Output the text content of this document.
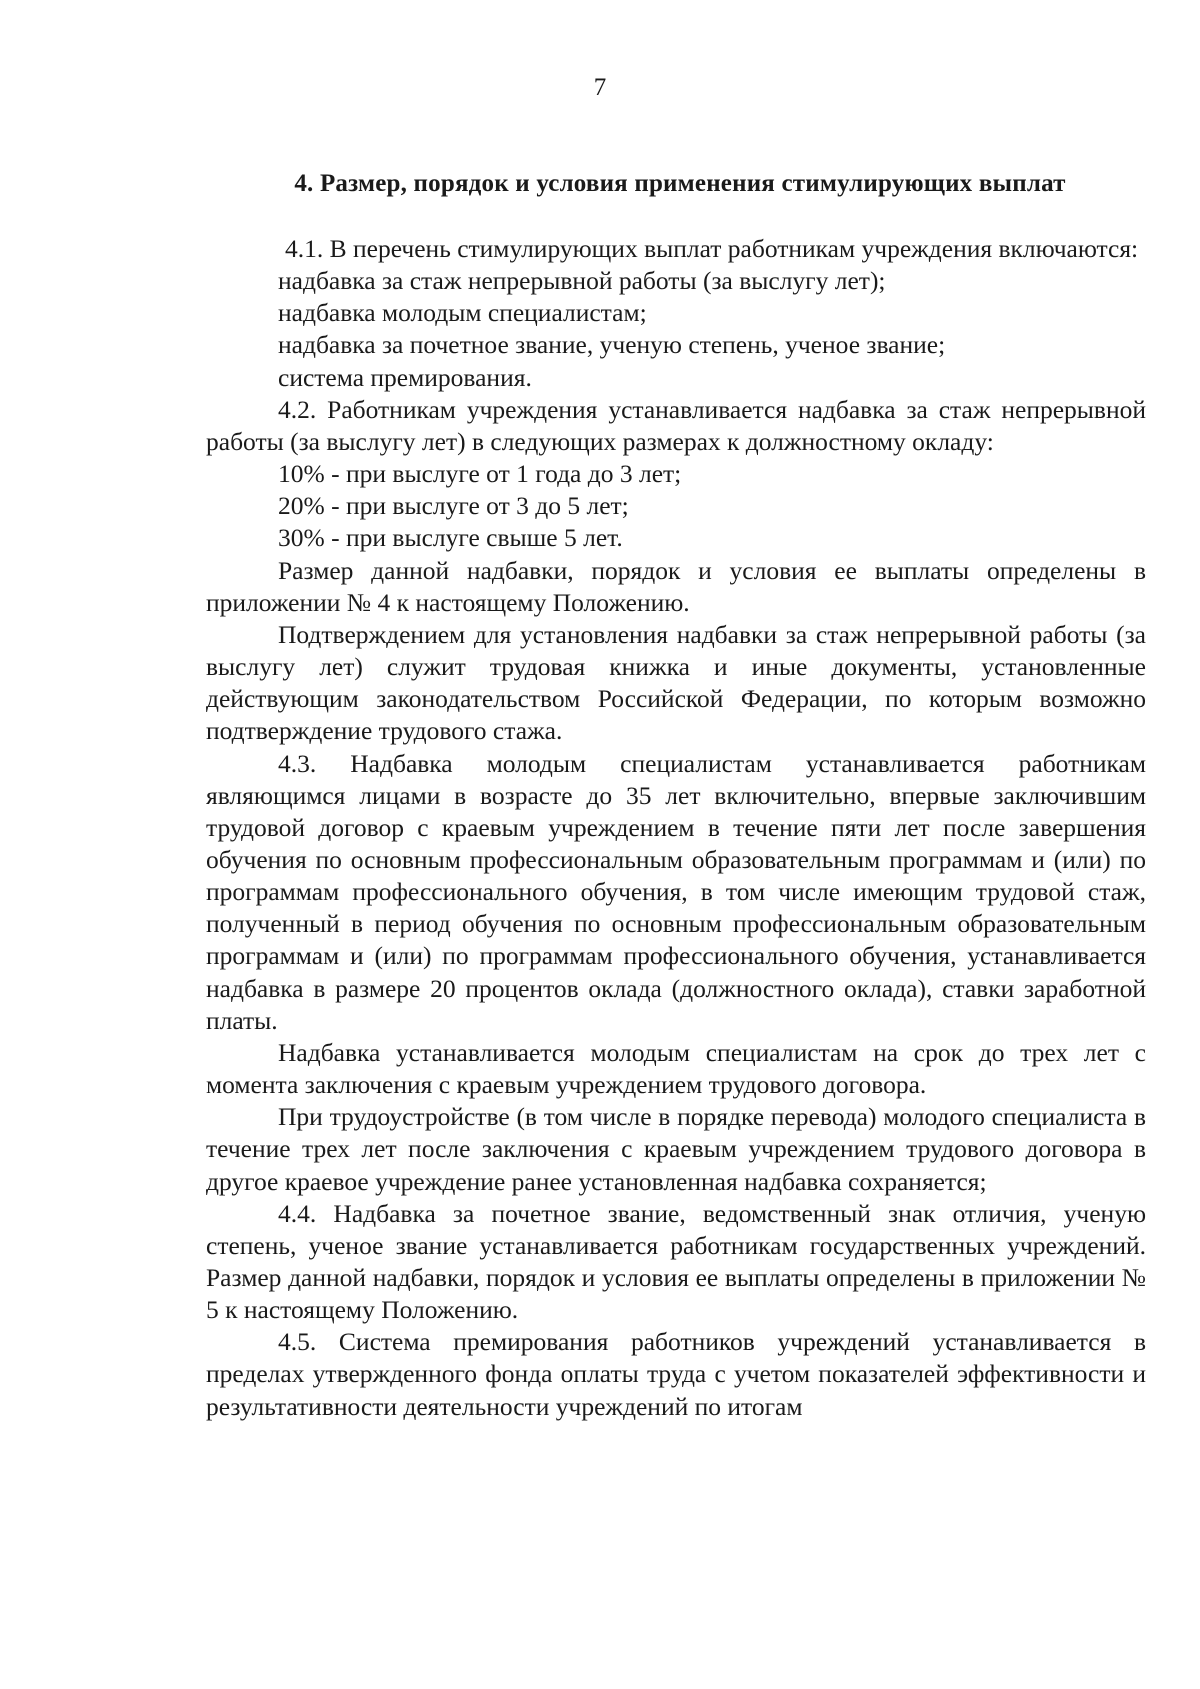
7
4. Размер, порядок и условия применения стимулирующих выплат

4.1. В перечень стимулирующих выплат работникам учреждения включаются:

надбавка за стаж непрерывной работы (за выслугу лет);

надбавка молодым специалистам;

надбавка за почетное звание, ученую степень, ученое звание;

система премирования.

4.2. Работникам учреждения устанавливается надбавка за стаж непрерывной работы (за выслугу лет) в следующих размерах к должностному окладу:

10% - при выслуге от 1 года до 3 лет;

20% - при выслуге от 3 до 5 лет;

30% - при выслуге свыше 5 лет.

Размер данной надбавки, порядок и условия ее выплаты определены в приложении № 4 к настоящему Положению.

Подтверждением для установления надбавки за стаж непрерывной работы (за выслугу лет) служит трудовая книжка и иные документы, установленные действующим законодательством Российской Федерации, по которым возможно подтверждение трудового стажа.

4.3. Надбавка молодым специалистам устанавливается работникам являющимся лицами в возрасте до 35 лет включительно, впервые заключившим трудовой договор с краевым учреждением в течение пяти лет после завершения обучения по основным профессиональным образовательным программам и (или) по программам профессионального обучения, в том числе имеющим трудовой стаж, полученный в период обучения по основным профессиональным образовательным программам и (или) по программам профессионального обучения, устанавливается надбавка в размере 20 процентов оклада (должностного оклада), ставки заработной платы.

Надбавка устанавливается молодым специалистам на срок до трех лет с момента заключения с краевым учреждением трудового договора.

При трудоустройстве (в том числе в порядке перевода) молодого специалиста в течение трех лет после заключения с краевым учреждением трудового договора в другое краевое учреждение ранее установленная надбавка сохраняется;

4.4. Надбавка за почетное звание, ведомственный знак отличия, ученую степень, ученое звание устанавливается работникам государственных учреждений. Размер данной надбавки, порядок и условия ее выплаты определены в приложении № 5 к настоящему Положению.

4.5. Система премирования работников учреждений устанавливается в пределах утвержденного фонда оплаты труда с учетом показателей эффективности и результативности деятельности учреждений по итогам
